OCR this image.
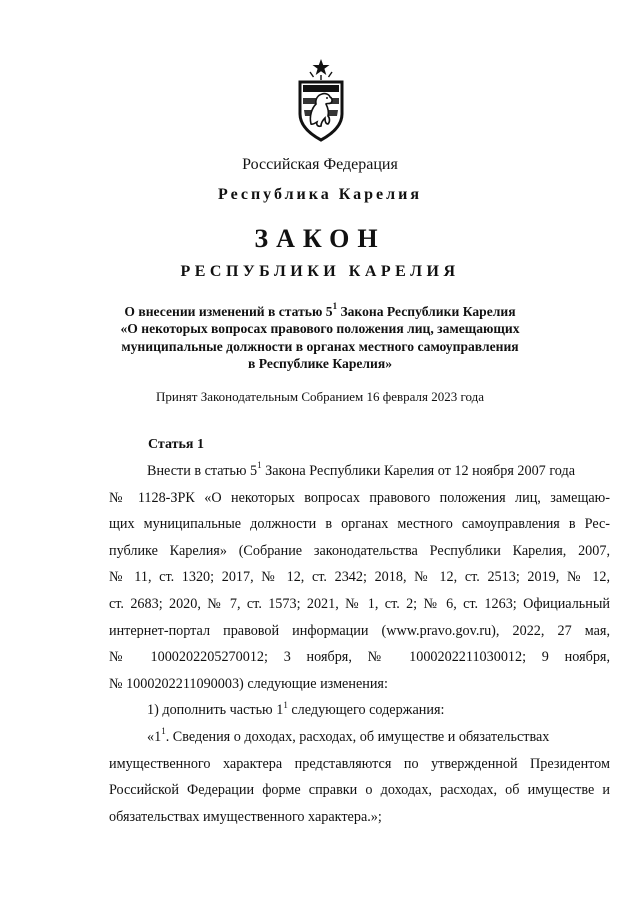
Российская Федерация
Республика Карелия
ЗАКОН
РЕСПУБЛИКИ КАРЕЛИЯ
О внесении изменений в статью $5^1$ Закона Республики Карелия
«О некоторых вопросах правового положения лиц, замещающих
муниципальные должности в органах местного самоуправления
в Республике Карелия»
Принят Законодательным Собранием 16 февраля 2023 года
Статья 1
Внести в статью $5^1$ Закона Республики Карелия от 12 ноября 2007 года
№ 1128-ЗРК «О некоторых вопросах правового положения лиц, замещаю-
щих муниципальные должности в органах местного самоуправления в Рес-
публике Карелия» (Собрание законодательства Республики Карелия, 2007,
№ 11, ст. 1320; 2017, № 12, ст. 2342; 2018, № 12, ст. 2513; 2019, № 12,
ст. 2683; 2020, № 7, ст. 1573; 2021, № 1, ст. 2; № 6, ст. 1263; Официальный
интернет-портал правовой информации (www.pravo.gov.ru), 2022, 27 мая,
№ 1000202205270012; 3 ноября, № 1000202211030012; 9 ноября,
№ 1000202211090003) следующие изменения:
1) дополнить частью $1^1$ следующего содержания:
«$1^1$. Сведения о доходах, расходах, об имуществе и обязательствах
имущественного характера представляются по утвержденной Президентом
Российской Федерации форме справки о доходах, расходах, об имуществе и
обязательствах имущественного характера.»;
